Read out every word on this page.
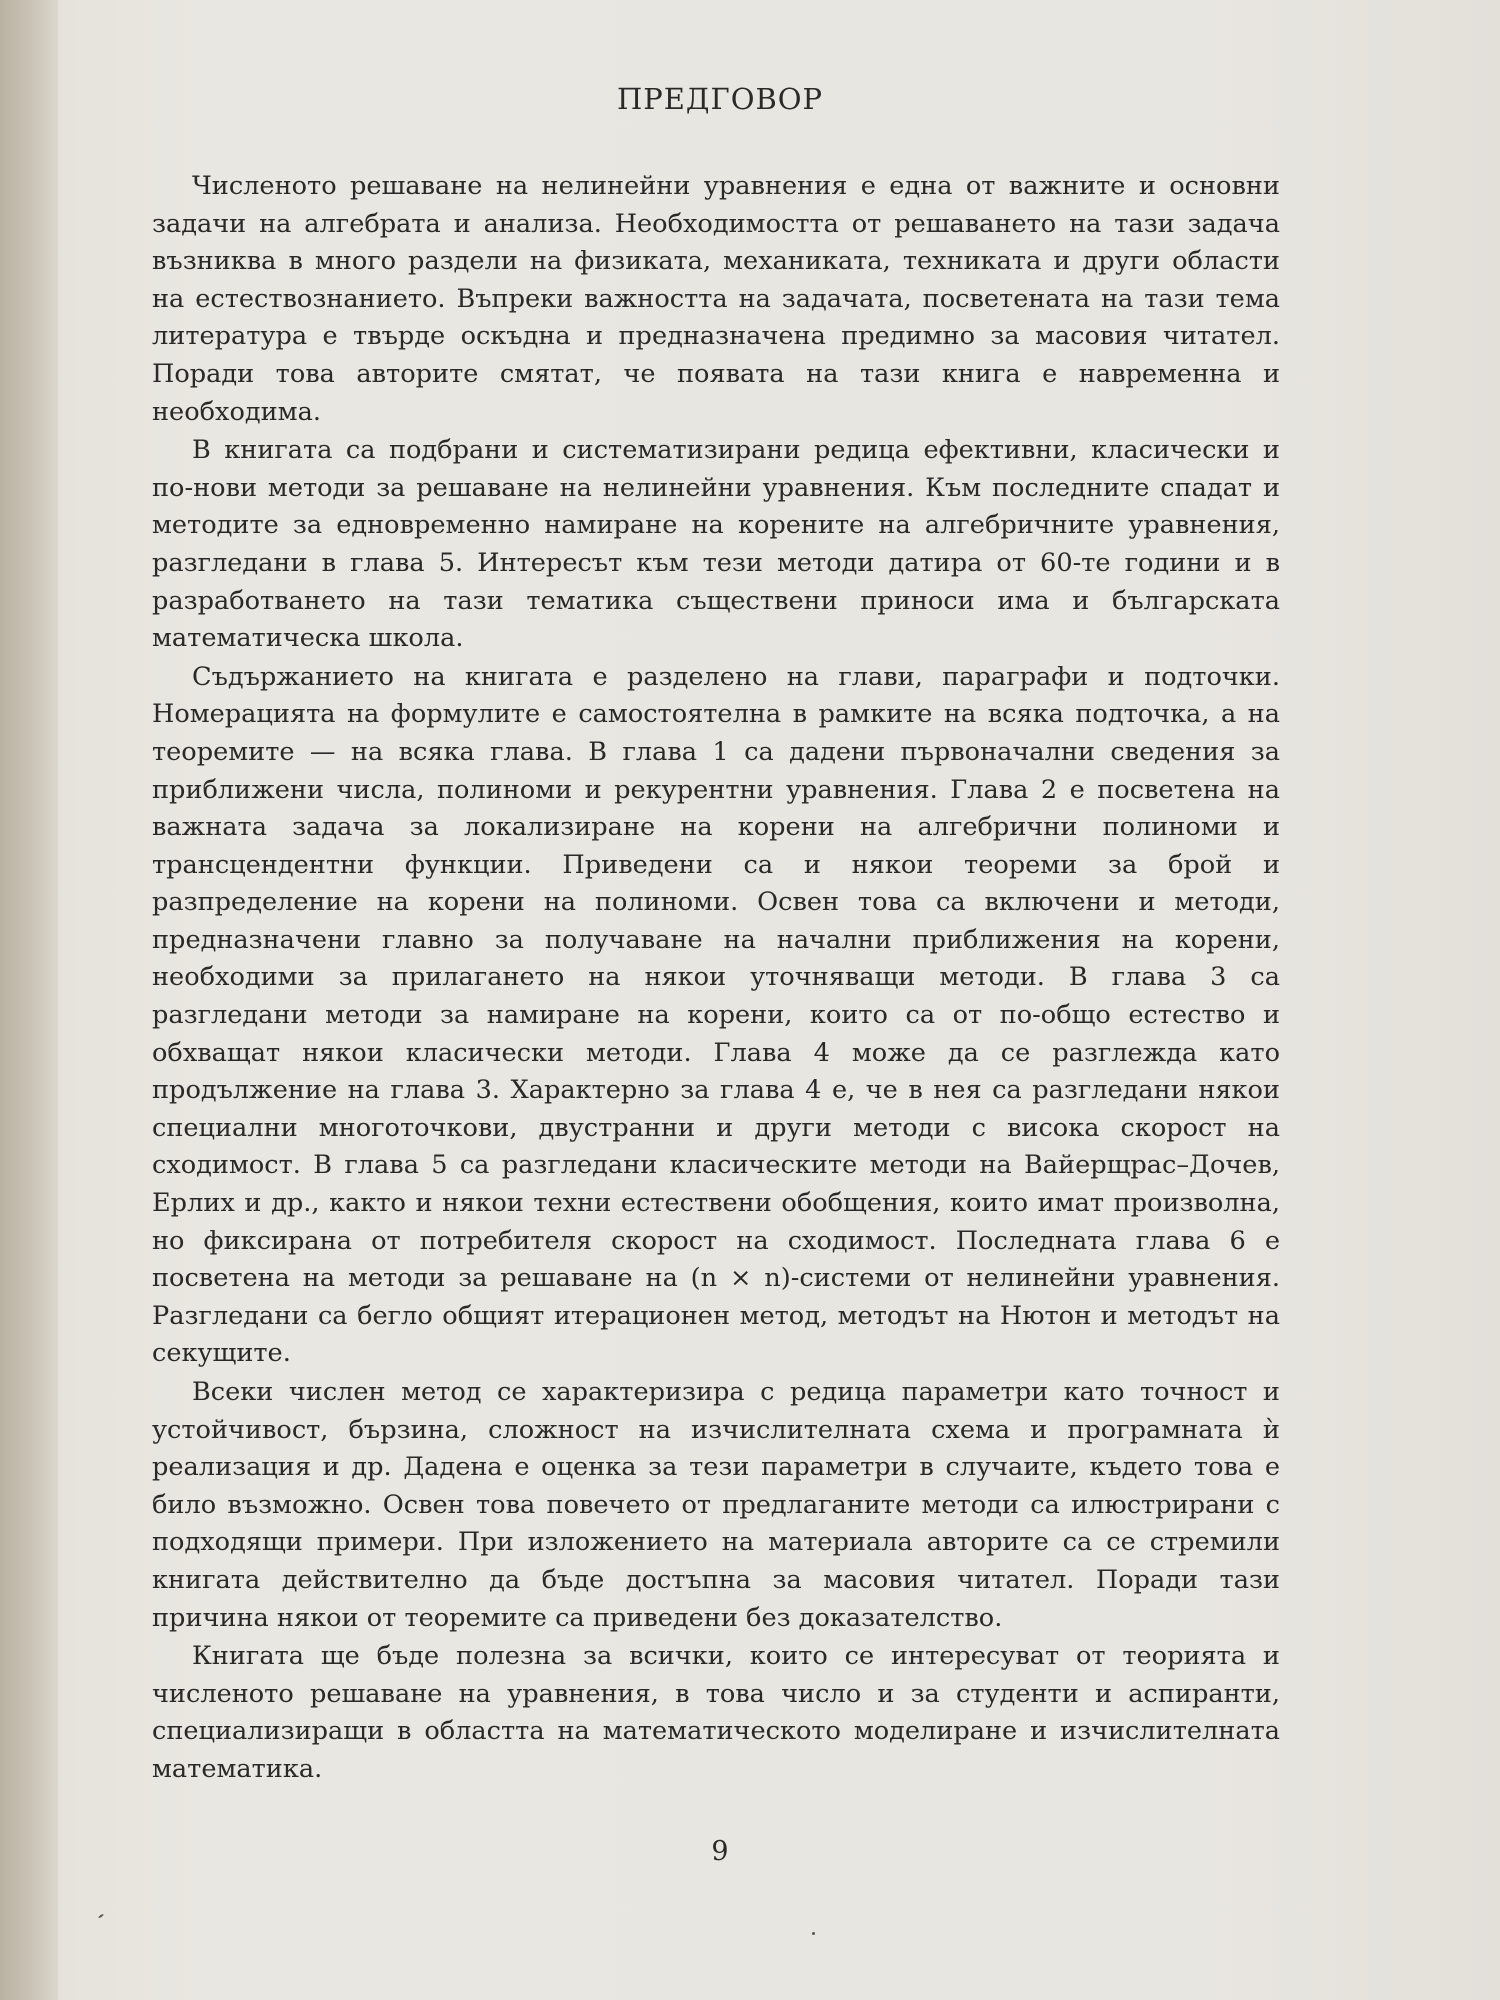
ПРЕДГОВОР

Численото решаване на нелинейни уравнения е една от важните и основни задачи на алгебрата и анализа. Необходимостта от решаването на тази задача възниква в много раздели на физиката, механиката, техниката и други области на естествознанието. Въпреки важността на задачата, посветената на тази тема литература е твърде оскъдна и предназначена предимно за масовия читател. Поради това авторите смятат, че появата на тази книга е навременна и необходима.

В книгата са подбрани и систематизирани редица ефективни, класически и по-нови методи за решаване на нелинейни уравнения. Към последните спадат и методите за едновременно намиране на корените на алгебричните уравнения, разгледани в глава 5. Интересът към тези методи датира от 60-те години и в разработването на тази тематика съществени приноси има и българската математическа школа.

Съдържанието на книгата е разделено на глави, параграфи и подточки. Номерацията на формулите е самостоятелна в рамките на всяка подточка, а на теоремите — на всяка глава. В глава 1 са дадени първоначални сведения за приближени числа, полиноми и рекурентни уравнения. Глава 2 е посветена на важната задача за локализиране на корени на алгебрични полиноми и трансцендентни функции. Приведени са и някои теореми за брой и разпределение на корени на полиноми. Освен това са включени и методи, предназначени главно за получаване на начални приближения на корени, необходими за прилагането на някои уточняващи методи. В глава 3 са разгледани методи за намиране на корени, които са от по-общо естество и обхващат някои класически методи. Глава 4 може да се разглежда като продължение на глава 3. Характерно за глава 4 е, че в нея са разгледани някои специални многоточкови, двустранни и други методи с висока скорост на сходимост. В глава 5 са разгледани класическите методи на Вайерщрас–Дочев, Ерлих и др., както и някои техни естествени обобщения, които имат произволна, но фиксирана от потребителя скорост на сходимост. Последната глава 6 е посветена на методи за решаване на (n × n)-системи от нелинейни уравнения. Разгледани са бегло общият итерационен метод, методът на Нютон и методът на секущите.

Всеки числен метод се характеризира с редица параметри като точност и устойчивост, бързина, сложност на изчислителната схема и програмната ѝ реализация и др. Дадена е оценка за тези параметри в случаите, където това е било възможно. Освен това повечето от предлаганите методи са илюстрирани с подходящи примери. При изложението на материала авторите са се стремили книгата действително да бъде достъпна за масовия читател. Поради тази причина някои от теоремите са приведени без доказателство.

Книгата ще бъде полезна за всички, които се интересуват от теорията и численото решаване на уравнения, в това число и за студенти и аспиранти, специализиращи в областта на математическото моделиране и изчислителната математика.

9
